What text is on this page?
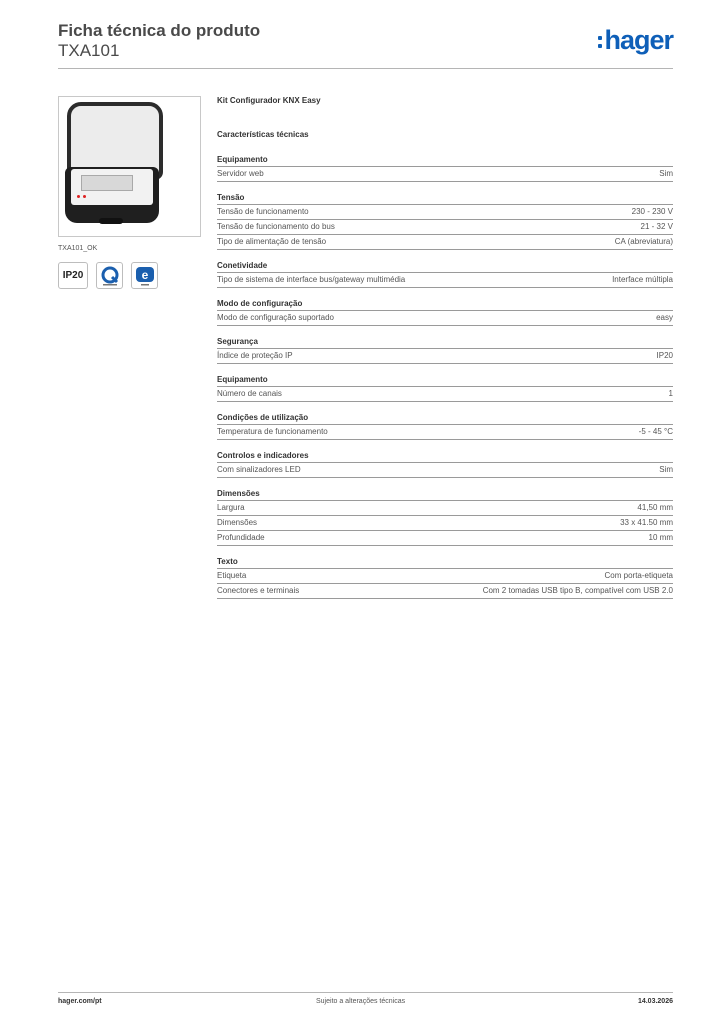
Ficha técnica do produto
TXA101	hager
TXA101_OK
IP20	e
Kit Configurador KNX Easy
Características técnicas
Equipamento
Servidor web	Sim
Tensão
Tensão de funcionamento	230 - 230 V
Tensão de funcionamento do bus	21 - 32 V
Tipo de alimentação de tensão	CA (abreviatura)
Conetividade
Tipo de sistema de interface bus/gateway multimédia	Interface múltipla
Modo de configuração
Modo de configuração suportado	easy
Segurança
Índice de proteção IP	IP20
Equipamento
Número de canais	1
Condições de utilização
Temperatura de funcionamento	-5 - 45 °C
Controlos e indicadores
Com sinalizadores LED	Sim
Dimensões
Largura	41,50 mm
Dimensões	33 x 41.50 mm
Profundidade	10 mm
Texto
Etiqueta	Com porta-etiqueta
Conectores e terminais	Com 2 tomadas USB tipo B, compatível com USB 2.0
hager.com/pt	Sujeito a alterações técnicas	14.03.2026
